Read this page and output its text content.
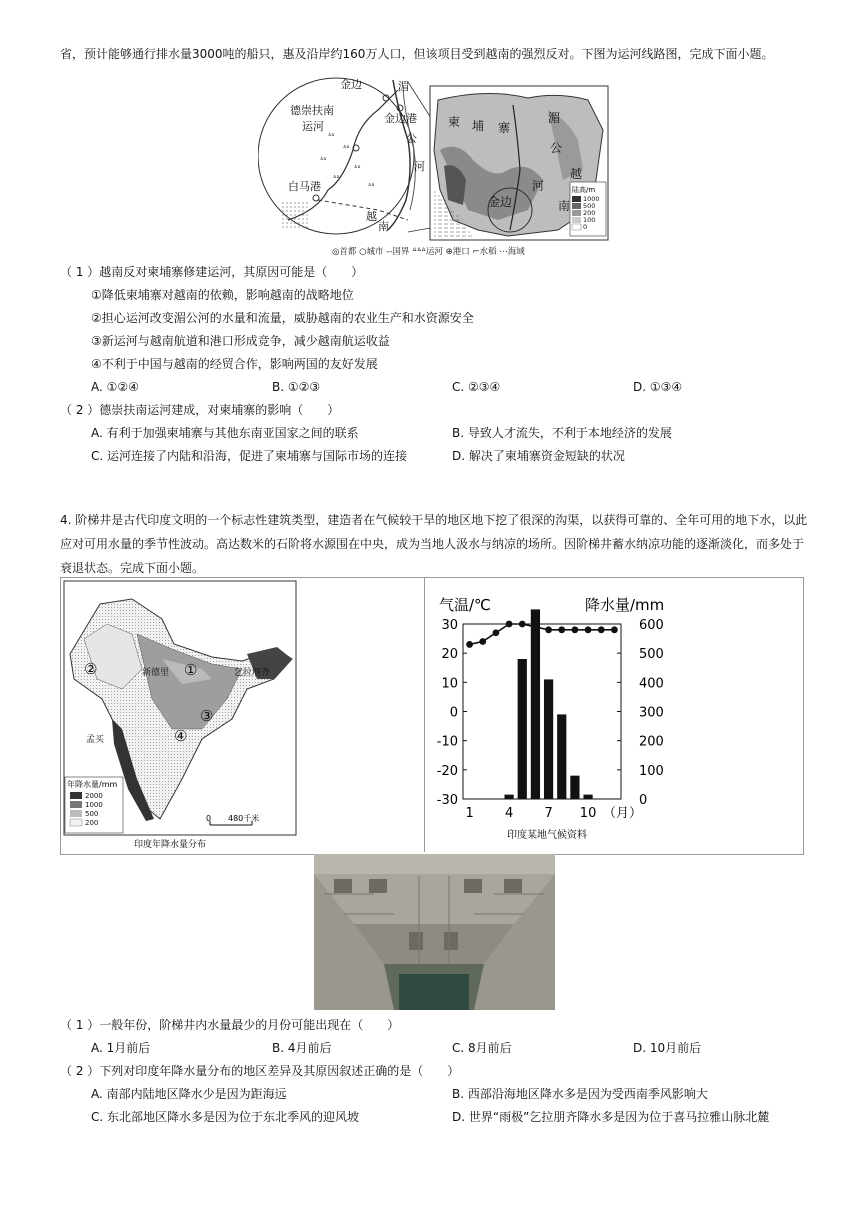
省，预计能够通行排水量3000吨的船只，惠及沿岸约160万人口，但该项目受到越南的强烈反对。下图为运河线路图，完成下面小题。
ᐞᐞ
ᐞᐞ
ᐞᐞ
ᐞᐞ
ᐞᐞ
ᐞᐞ
金边	湄
金边港
德崇扶南
运河
公
白马港
河
越
南
柬 埔 寨
湄
公
河
越
南
金边
陆高/m
1000
500
200
100
0
◎首都 ○城市 ‐‐国界 ᐞᐞᐞ运河 ⊕港口 ⌐水稻 ⋯海域
（ 1 ）越南反对柬埔寨修建运河，其原因可能是（　　）
①降低柬埔寨对越南的依赖，影响越南的战略地位
②担心运河改变湄公河的水量和流量，威胁越南的农业生产和水资源安全
③新运河与越南航道和港口形成竞争，减少越南航运收益
④不利于中国与越南的经贸合作，影响两国的友好发展
A. ①②④	B. ①②③	C. ②③④	D. ①③④
（ 2 ）德崇扶南运河建成，对柬埔寨的影响（　　）
A. 有利于加强柬埔寨与其他东南亚国家之间的联系	B. 导致人才流失，不利于本地经济的发展
C. 运河连接了内陆和沿海，促进了柬埔寨与国际市场的连接	D. 解决了柬埔寨资金短缺的状况
4. 阶梯井是古代印度文明的一个标志性建筑类型，建造者在气候较干旱的地区地下挖了很深的沟渠，以获得可靠的、全年可用的地下水，以此应对可用水量的季节性波动。高达数米的石阶将水源围在中央，成为当地人汲水与纳凉的场所。因阶梯井蓄水纳凉功能的逐渐淡化，而多处于衰退状态。完成下面小题。
新德里
孟买
乞拉朋齐
①
②
③
④
年降水量/mm
2000
1000
500
200	0 480千米
印度年降水量分布
气温/℃	降水量/mm
30
20
10
0
-10
-20
-30
600
500
400
300
200
100
0
1 4 7 10 （月）
印度某地气候资料
（ 1 ）一般年份，阶梯井内水量最少的月份可能出现在（　　）
A. 1月前后	B. 4月前后	C. 8月前后	D. 10月前后
（ 2 ）下列对印度年降水量分布的地区差异及其原因叙述正确的是（　　）
A. 南部内陆地区降水少是因为距海远	B. 西部沿海地区降水多是因为受西南季风影响大
C. 东北部地区降水多是因为位于东北季风的迎风坡	D. 世界“雨极”乞拉朋齐降水多是因为位于喜马拉雅山脉北麓
